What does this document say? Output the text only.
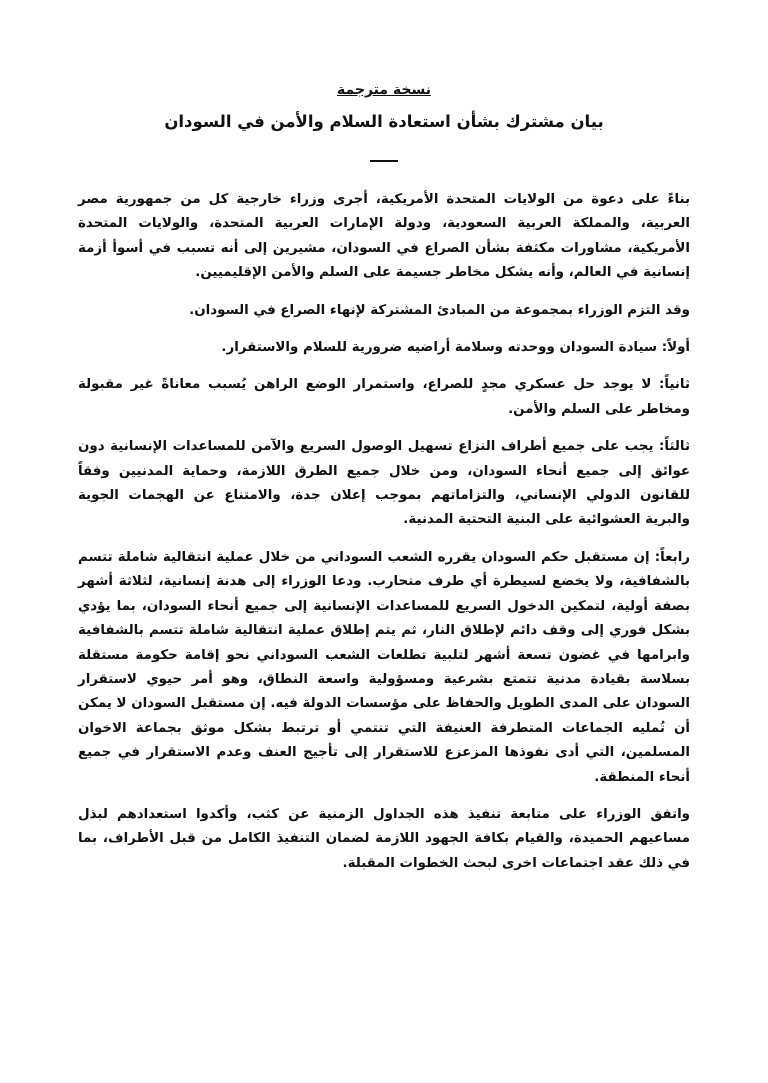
نسخة مترجمة
بيان مشترك بشأن استعادة السلام والأمن في السودان

بناءً على دعوة من الولايات المتحدة الأمريكية، أجرى وزراء خارجية كل من جمهورية مصر العربية، والمملكة العربية السعودية، ودولة الإمارات العربية المتحدة، والولايات المتحدة الأمريكية، مشاورات مكثفة بشأن الصراع في السودان، مشيرين إلى أنه تسبب في أسوأ أزمة إنسانية في العالم، وأنه يشكل مخاطر جسيمة على السلم والأمن الإقليميين.

وقد التزم الوزراء بمجموعة من المبادئ المشتركة لإنهاء الصراع في السودان.

أولاً: سيادة السودان ووحدته وسلامة أراضيه ضرورية للسلام والاستقرار.

ثانياً: لا يوجد حل عسكري مجدٍ للصراع، واستمرار الوضع الراهن يُسبب معاناةً غير مقبولة ومخاطر على السلم والأمن.

ثالثاً: يجب على جميع أطراف النزاع تسهيل الوصول السريع والآمن للمساعدات الإنسانية دون عوائق إلى جميع أنحاء السودان، ومن خلال جميع الطرق اللازمة، وحماية المدنيين وفقاً للقانون الدولي الإنساني، والتزاماتهم بموجب إعلان جدة، والامتناع عن الهجمات الجوية والبرية العشوائية على البنية التحتية المدنية.

رابعاً: إن مستقبل حكم السودان يقرره الشعب السوداني من خلال عملية انتقالية شاملة تتسم بالشفافية، ولا يخضع لسيطرة أي طرف متحارب. ودعا الوزراء إلى هدنة إنسانية، لثلاثة أشهر بصفة أولية، لتمكين الدخول السريع للمساعدات الإنسانية إلى جميع أنحاء السودان، بما يؤدي بشكل فوري إلى وقف دائم لإطلاق النار، ثم يتم إطلاق عملية انتقالية شاملة تتسم بالشفافية وابرامها في غضون تسعة أشهر لتلبية تطلعات الشعب السوداني نحو إقامة حكومة مستقلة بسلاسة بقيادة مدنية تتمتع بشرعية ومسؤولية واسعة النطاق، وهو أمر حيوي لاستقرار السودان على المدى الطويل والحفاظ على مؤسسات الدولة فيه. إن مستقبل السودان لا يمكن أن تُمليه الجماعات المتطرفة العنيفة التي تنتمي أو ترتبط بشكل موثق بجماعة الاخوان المسلمين، التي أدى نفوذها المزعزع للاستقرار إلى تأجيج العنف وعدم الاستقرار في جميع أنحاء المنطقة.

واتفق الوزراء على متابعة تنفيذ هذه الجداول الزمنية عن كثب، وأكدوا استعدادهم لبذل مساعيهم الحميدة، والقيام بكافة الجهود اللازمة لضمان التنفيذ الكامل من قبل الأطراف، بما في ذلك عقد اجتماعات اخرى لبحث الخطوات المقبلة.
